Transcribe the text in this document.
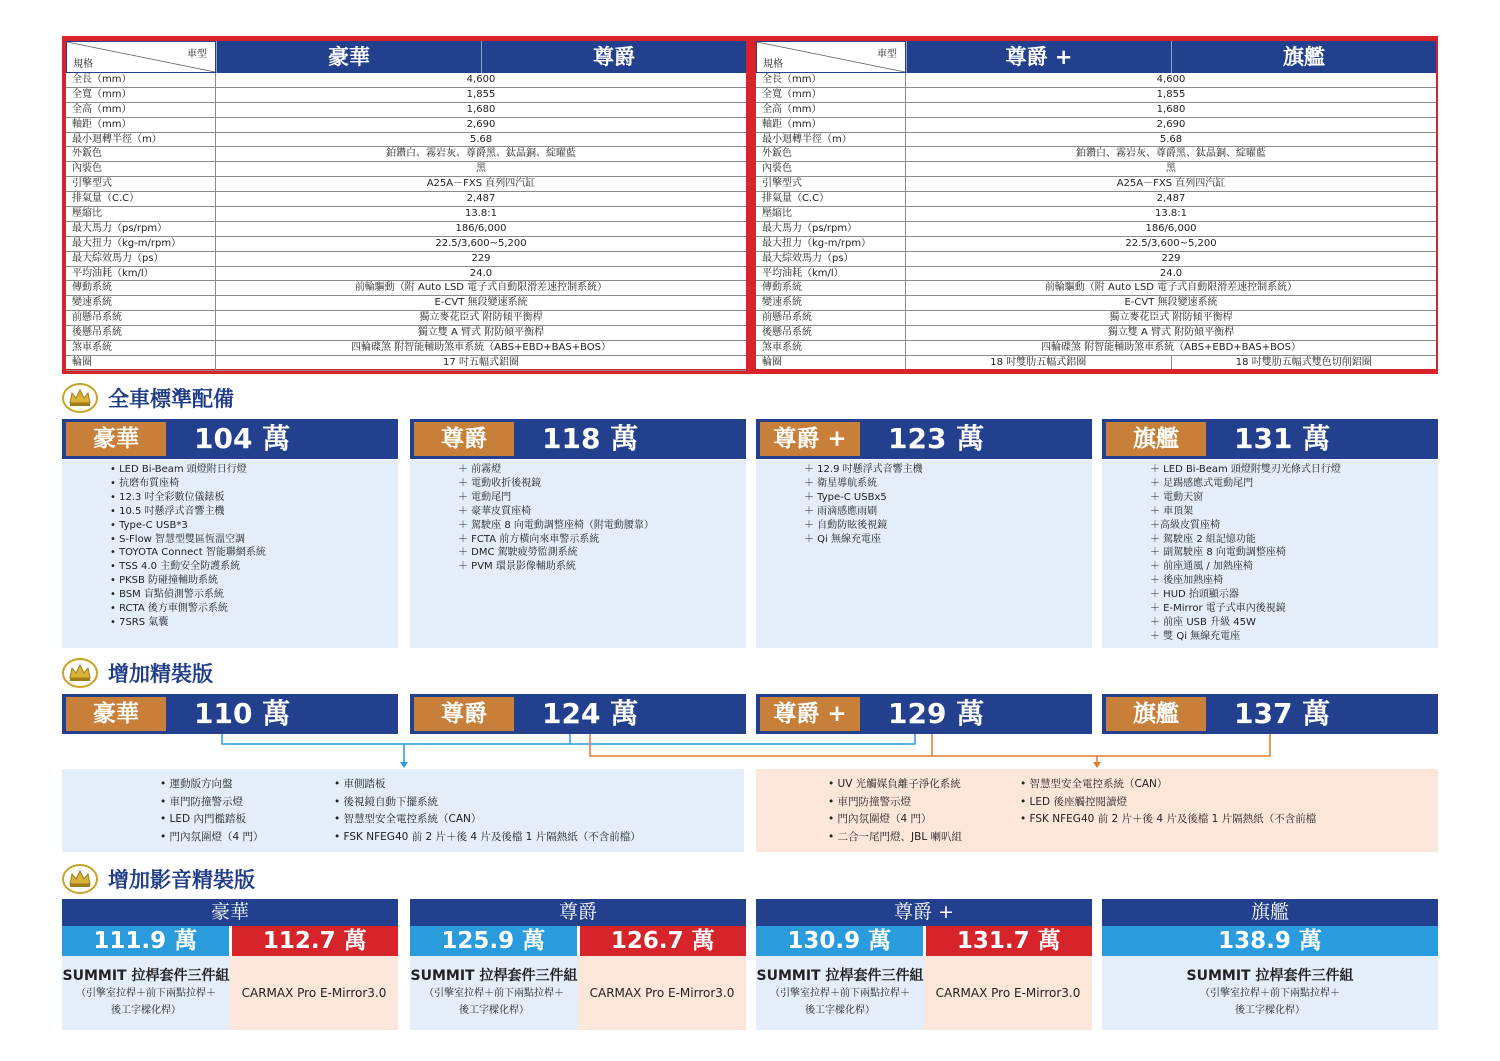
車型
規格	豪華	尊爵
全長（mm）	4,600
全寬（mm）	1,855
全高（mm）	1,680
軸距（mm）	2,690
最小迴轉半徑（m）	5.68
外鈑色	鉑鑽白、霧岩灰、尊爵黑、鈦晶銅、綻曜藍
內裝色	黑
引擎型式	A25A－FXS 直列四汽缸
排氣量（C.C）	2,487
壓縮比	13.8:1
最大馬力（ps/rpm）	186/6,000
最大扭力（kg-m/rpm）	22.5/3,600~5,200
最大綜效馬力（ps）	229
平均油耗（km/l）	24.0
傳動系統	前輪驅動（附 Auto LSD 電子式自動限滑差速控制系統）
變速系統	E-CVT 無段變速系統
前懸吊系統	獨立麥花臣式 附防傾平衡桿
後懸吊系統	獨立雙 A 臂式 附防傾平衡桿
煞車系統	四輪碟煞 附智能輔助煞車系統（ABS+EBD+BAS+BOS）
輪圈	17 吋五幅式鋁圈
車型
規格	尊爵 +	旗艦
全長（mm）	4,600
全寬（mm）	1,855
全高（mm）	1,680
軸距（mm）	2,690
最小迴轉半徑（m）	5.68
外鈑色	鉑鑽白、霧岩灰、尊爵黑、鈦晶銅、綻曜藍
內裝色	黑
引擎型式	A25A－FXS 直列四汽缸
排氣量（C.C）	2,487
壓縮比	13.8:1
最大馬力（ps/rpm）	186/6,000
最大扭力（kg-m/rpm）	22.5/3,600~5,200
最大綜效馬力（ps）	229
平均油耗（km/l）	24.0
傳動系統	前輪驅動（附 Auto LSD 電子式自動限滑差速控制系統）
變速系統	E-CVT 無段變速系統
前懸吊系統	獨立麥花臣式 附防傾平衡桿
後懸吊系統	獨立雙 A 臂式 附防傾平衡桿
煞車系統	四輪碟煞 附智能輔助煞車系統（ABS+EBD+BAS+BOS）
輪圈	18 吋雙肋五幅式鋁圈	18 吋雙肋五幅式雙色切削鋁圈
全車標準配備
豪華	104 萬	尊爵	118 萬	尊爵 +	123 萬	旗艦	131 萬
• LED Bi-Beam 頭燈附日行燈
• 抗磨布質座椅
• 12.3 吋全彩數位儀錶板
• 10.5 吋懸浮式音響主機
• Type-C USB*3
• S-Flow 智慧型雙區恆溫空調
• TOYOTA Connect 智能聯網系統
• TSS 4.0 主動安全防護系統
• PKSB 防碰撞輔助系統
• BSM 盲點偵測警示系統
• RCTA 後方車側警示系統
• 7SRS 氣囊
＋ 前霧燈
＋ 電動收折後視鏡
＋ 電動尾門
＋ 豪華皮質座椅
＋ 駕駛座 8 向電動調整座椅（附電動腰靠）
＋ FCTA 前方橫向來車警示系統
＋ DMC 駕駛疲勞監測系統
＋ PVM 環景影像輔助系統
＋ 12.9 吋懸浮式音響主機
＋ 衛星導航系統
＋ Type-C USBx5
＋ 雨滴感應雨刷
＋ 自動防眩後視鏡
＋ Qi 無線充電座
＋ LED Bi-Beam 頭燈附雙刃光條式日行燈
＋ 足踢感應式電動尾門
＋ 電動天窗
＋ 車頂架
＋高級皮質座椅
＋ 駕駛座 2 組記憶功能
＋ 副駕駛座 8 向電動調整座椅
＋ 前座通風 / 加熱座椅
＋ 後座加熱座椅
＋ HUD 抬頭顯示器
＋ E-Mirror 電子式車內後視鏡
＋ 前座 USB 升級 45W
＋ 雙 Qi 無線充電座
增加精裝版
豪華	110 萬	尊爵	124 萬	尊爵 +	129 萬	旗艦	137 萬
• 運動版方向盤
• 車門防撞警示燈
• LED 內門檻踏板
• 門內氛圍燈（4 門）
• 車側踏板
• 後視鏡自動下擺系統
• 智慧型安全電控系統（CAN）
• FSK NFEG40 前 2 片＋後 4 片及後檔 1 片隔熱紙（不含前檔）
• UV 光觸媒負離子淨化系統
• 車門防撞警示燈
• 門內氛圍燈（4 門）
• 二合一尾門燈、JBL 喇叭組
• 智慧型安全電控系統（CAN）
• LED 後座觸控閱讀燈
• FSK NFEG40 前 2 片＋後 4 片及後檔 1 片隔熱紙（不含前檔
增加影音精裝版
豪華
111.9 萬	112.7 萬
SUMMIT 拉桿套件三件組
（引擎室拉桿＋前下兩點拉桿＋
後工字樑化桿）
CARMAX Pro E-Mirror3.0
尊爵
125.9 萬	126.7 萬
SUMMIT 拉桿套件三件組
（引擎室拉桿＋前下兩點拉桿＋
後工字樑化桿）
CARMAX Pro E-Mirror3.0
尊爵 +
130.9 萬	131.7 萬
SUMMIT 拉桿套件三件組
（引擎室拉桿＋前下兩點拉桿＋
後工字樑化桿）
CARMAX Pro E-Mirror3.0
旗艦
138.9 萬
SUMMIT 拉桿套件三件組
（引擎室拉桿＋前下兩點拉桿＋
後工字樑化桿）
